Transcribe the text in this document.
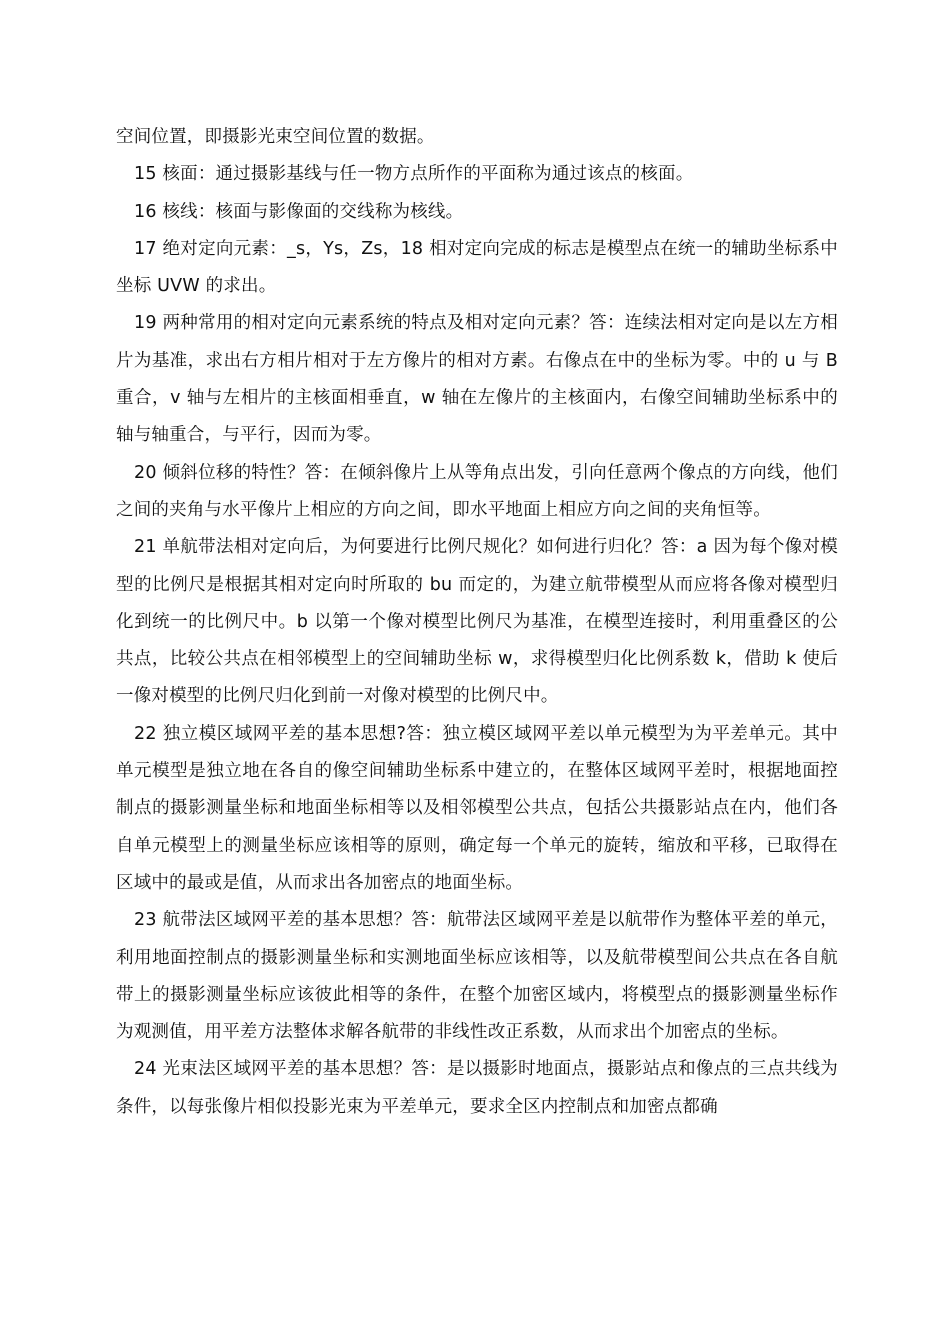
空间位置，即摄影光束空间位置的数据。

15 核面：通过摄影基线与任一物方点所作的平面称为通过该点的核面。

16 核线：核面与影像面的交线称为核线。

17 绝对定向元素：_s，Ys，Zs，18 相对定向完成的标志是模型点在统一的辅助坐标系中坐标 UVW 的求出。

19 两种常用的相对定向元素系统的特点及相对定向元素？答：连续法相对定向是以左方相片为基准，求出右方相片相对于左方像片的相对方素。右像点在中的坐标为零。中的 u 与 B 重合，v 轴与左相片的主核面相垂直，w 轴在左像片的主核面内，右像空间辅助坐标系中的轴与轴重合，与平行，因而为零。

20 倾斜位移的特性？答：在倾斜像片上从等角点出发，引向任意两个像点的方向线，他们之间的夹角与水平像片上相应的方向之间，即水平地面上相应方向之间的夹角恒等。

21 单航带法相对定向后，为何要进行比例尺规化？如何进行归化？答：a 因为每个像对模型的比例尺是根据其相对定向时所取的 bu 而定的，为建立航带模型从而应将各像对模型归化到统一的比例尺中。b 以第一个像对模型比例尺为基准，在模型连接时，利用重叠区的公共点，比较公共点在相邻模型上的空间辅助坐标 w，求得模型归化比例系数 k，借助 k 使后一像对模型的比例尺归化到前一对像对模型的比例尺中。

22 独立模区域网平差的基本思想?答：独立模区域网平差以单元模型为为平差单元。其中单元模型是独立地在各自的像空间辅助坐标系中建立的，在整体区域网平差时，根据地面控制点的摄影测量坐标和地面坐标相等以及相邻模型公共点，包括公共摄影站点在内，他们各自单元模型上的测量坐标应该相等的原则，确定每一个单元的旋转，缩放和平移，已取得在区域中的最或是值，从而求出各加密点的地面坐标。

23 航带法区域网平差的基本思想？答：航带法区域网平差是以航带作为整体平差的单元，利用地面控制点的摄影测量坐标和实测地面坐标应该相等，以及航带模型间公共点在各自航带上的摄影测量坐标应该彼此相等的条件，在整个加密区域内，将模型点的摄影测量坐标作为观测值，用平差方法整体求解各航带的非线性改正系数，从而求出个加密点的坐标。

24 光束法区域网平差的基本思想？答：是以摄影时地面点，摄影站点和像点的三点共线为条件，以每张像片相似投影光束为平差单元，要求全区内控制点和加密点都确
